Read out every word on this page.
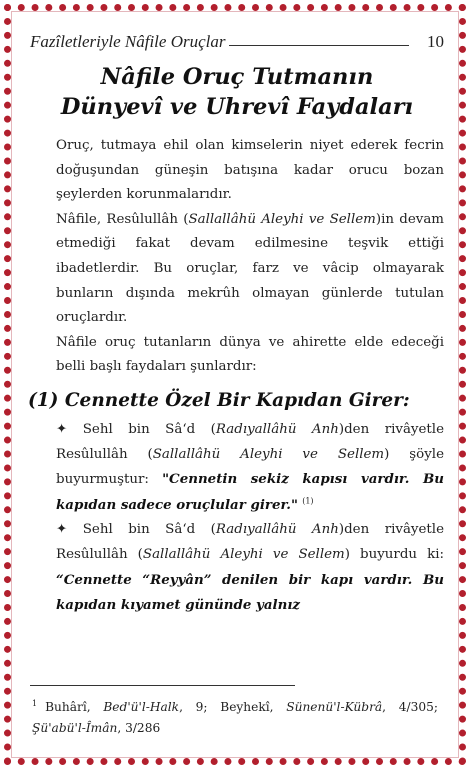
Fazîletleriyle Nâfile Oruçlar	10
Nâfile Oruç Tutmanın
Dünyevî ve Uhrevî Faydaları

Oruç, tutmaya ehil olan kimselerin niyet ederek fecrin doğuşundan güneşin batışına kadar orucu bozan şeylerden korunmalarıdır.

Nâfile, Resûlullâh (Sallallâhü Aleyhi ve Sellem)in devam etmediği fakat devam edilmesine teşvik ettiği ibadetlerdir. Bu oruçlar, farz ve vâcip olmayarak bunların dışında mekrûh olmayan günlerde tutulan oruçlardır.

Nâfile oruç tutanların dünya ve ahirette elde edeceği belli başlı faydaları şunlardır:

(1) Cennette Özel Bir Kapıdan Girer:

✦ Sehl bin Sâ‘d (Radıyallâhü Anh)den rivâyetle Resûlullâh (Sallallâhü Aleyhi ve Sellem) şöyle buyurmuştur: "Cennetin sekiz kapısı vardır. Bu kapıdan sadece oruçlular girer." $^{(1)}$

✦ Sehl bin Sâ‘d (Radıyallâhü Anh)den rivâyetle Resûlullâh (Sallallâhü Aleyhi ve Sellem) buyurdu ki: “Cennette “Reyyân” denilen bir kapı vardır. Bu kapıdan kıyamet gününde yalnız

$^1$ Buhârî, Bed'ü'l-Halk, 9; Beyhekî, Sünenü'l-Kübrâ, 4/305; Şü'abü'l-Îmân, 3/286
